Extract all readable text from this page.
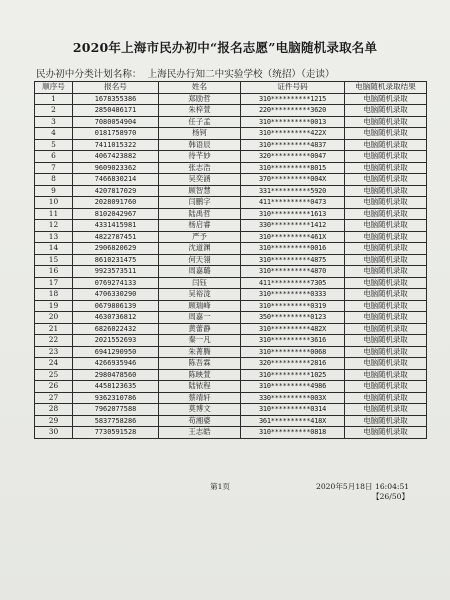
2020年上海市民办初中“报名志愿”电脑随机录取名单
民办初中分类计划名称： 上海民办行知二中实验学校（统招）（走读）
顺序号	报名号	姓名	证件号码	电脑随机录取结果
1	1678355386	郑励哲	310**********1215	电脑随机录取
2	2850486171	朱梓萱	220**********3620	电脑随机录取
3	7080054904	任子孟	310**********0013	电脑随机录取
4	0181758970	杨钶	310**********422X	电脑随机录取
5	7411015322	韩语辰	310**********4837	电脑随机录取
6	4067423882	待芊妙	320**********0047	电脑随机录取
7	9609023362	张志浩	310**********8015	电脑随机录取
8	7466830214	吴奕涵	370**********004X	电脑随机录取
9	4207817029	顾智慧	331**********5920	电脑随机录取
10	2028091760	闫鹏字	411**********0473	电脑随机录取
11	8102042967	陆禹哲	310**********1613	电脑随机录取
12	4331415981	杨启睿	330**********1412	电脑随机录取
13	4822787451	严予	310**********461X	电脑随机录取
14	2906820629	沈道渊	310**********0016	电脑随机录取
15	8610231475	何天翎	310**********4875	电脑随机录取
16	9923573511	周嘉璐	310**********4870	电脑随机录取
17	0769274133	闫钰	411**********7305	电脑随机录取
18	4706330290	吴裕泷	310**********0333	电脑随机录取
19	0679806139	顾瑞峰	310**********0319	电脑随机录取
20	4630736812	周嘉一	350**********0123	电脑随机录取
21	6826022432	黄蕾静	310**********482X	电脑随机录取
22	2021552693	秦一凡	310**********3616	电脑随机录取
23	6941290950	朱菁腾	310**********0068	电脑随机录取
24	4266935946	陈吾霖	320**********2816	电脑随机录取
25	2980478560	陈映萱	310**********1025	电脑随机录取
26	4458123635	陆铱程	310**********4986	电脑随机录取
27	9362310786	蔡靖轩	330**********003X	电脑随机录取
28	7962077588	莫博文	310**********0314	电脑随机录取
29	5837758286	苟湘婆	361**********418X	电脑随机录取
30	7730591528	王志皓	310**********0818	电脑随机录取
第1页	2020年5月18日 16:04:51
【26/50】
